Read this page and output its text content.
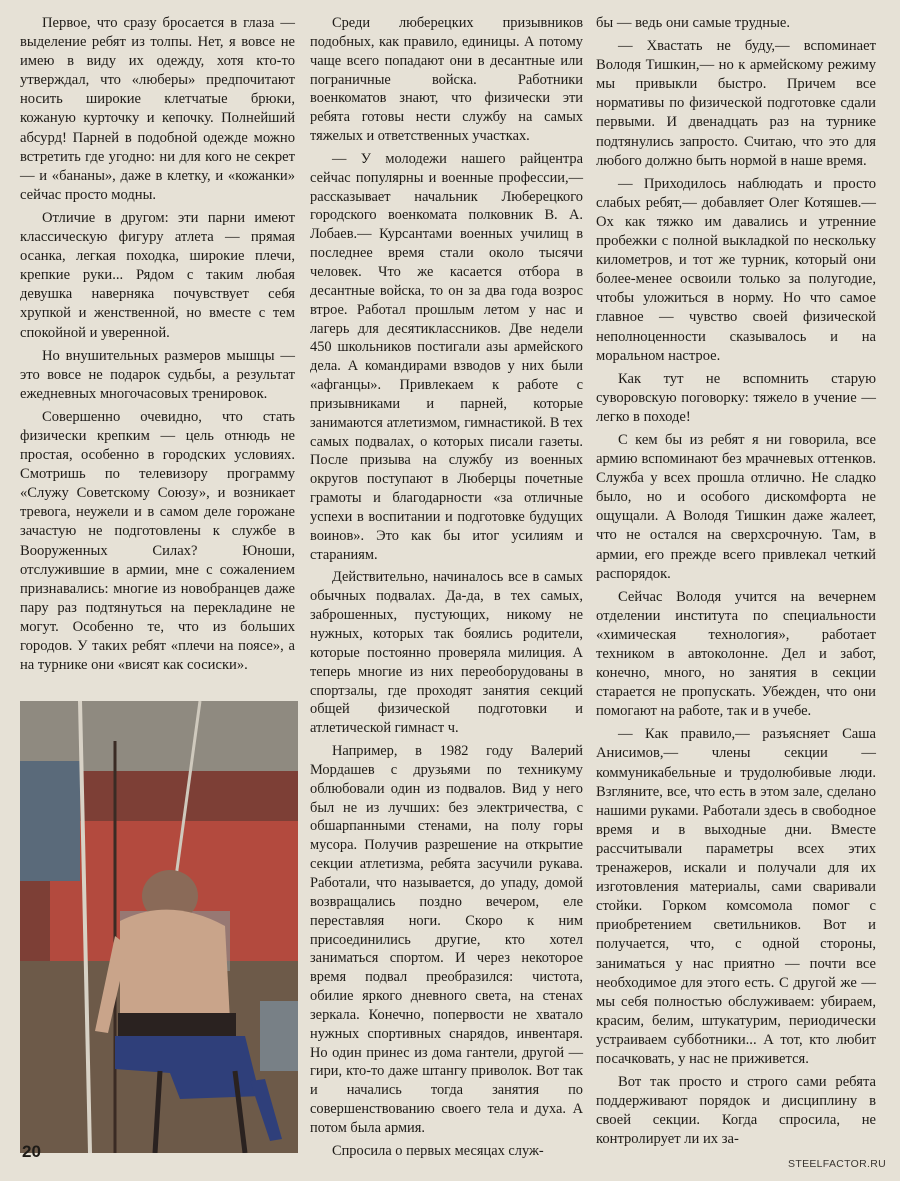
Первое, что сразу бросается в глаза — выделение ребят из толпы. Нет, я вовсе не имею в виду их одежду, хотя кто-то утверждал, что «люберы» предпочитают носить широкие клетчатые брюки, кожаную курточку и кепочку. Полнейший абсурд! Парней в подобной одежде можно встретить где угодно: ни для кого не секрет — и «бананы», даже в клетку, и «кожанки» сейчас просто модны.

Отличие в другом: эти парни имеют классическую фигуру атлета — прямая осанка, легкая походка, широкие плечи, крепкие руки... Рядом с таким любая девушка наверняка почувствует себя хрупкой и женственной, но вместе с тем спокойной и уверенной.

Но внушительных размеров мышцы — это вовсе не подарок судьбы, а результат ежедневных многочасовых тренировок.

Совершенно очевидно, что стать физически крепким — цель отнюдь не простая, особенно в городских условиях. Смотришь по телевизору программу «Служу Советскому Союзу», и возникает тревога, неужели и в самом деле горожане зачастую не подготовлены к службе в Вооруженных Силах? Юноши, отслужившие в армии, мне с сожалением признавались: многие из новобранцев даже пару раз подтянуться на перекладине не могут. Особенно те, что из больших городов. У таких ребят «плечи на поясе», а на турнике они «висят как сосиски».

Среди люберецких призывников подобных, как правило, единицы. А потому чаще всего попадают они в десантные или пограничные войска. Работники военкоматов знают, что физически эти ребята готовы нести службу на самых тяжелых и ответственных участках.

— У молодежи нашего райцентра сейчас популярны и военные профессии,— рассказывает начальник Люберецкого городского военкомата полковник В. А. Лобаев.— Курсантами военных училищ в последнее время стали около тысячи человек. Что же касается отбора в десантные войска, то он за два года возрос втрое. Работал прошлым летом у нас и лагерь для десятиклассников. Две недели 450 школьников постигали азы армейского дела. А командирами взводов у них были «афганцы». Привлекаем к работе с призывниками и парней, которые занимаются атлетизмом, гимнастикой. В тех самых подвалах, о которых писали газеты. После призыва на службу из военных округов поступают в Люберцы почетные грамоты и благодарности «за отличные успехи в воспитании и подготовке будущих воинов». Это как бы итог усилиям и стараниям.

Действительно, начиналось все в самых обычных подвалах. Да-да, в тех самых, заброшенных, пустующих, никому не нужных, которых так боялись родители, которые постоянно проверяла милиция. А теперь многие из них переоборудованы в спортзалы, где проходят занятия секций общей физической подготовки и атлетической гимнаст ч.

Например, в 1982 году Валерий Мордашев с друзьями по техникуму облюбовали один из подвалов. Вид у него был не из лучших: без электричества, с обшарпанными стенами, на полу горы мусора. Получив разрешение на открытие секции атлетизма, ребята засучили рукава. Работали, что называется, до упаду, домой возвращались поздно вечером, еле переставляя ноги. Скоро к ним присоединились другие, кто хотел заниматься спортом. И через некоторое время подвал преобразился: чистота, обилие яркого дневного света, на стенах зеркала. Конечно, попервости не хватало нужных спортивных снарядов, инвентаря. Но один принес из дома гантели, другой — гири, кто-то даже штангу приволок. Вот так и начались тогда занятия по совершенствованию своего тела и духа. А потом была армия.

Спросила о первых месяцах служ-

бы — ведь они самые трудные.

— Хвастать не буду,— вспоминает Володя Тишкин,— но к армейскому режиму мы привыкли быстро. Причем все нормативы по физической подготовке сдали первыми. И двенадцать раз на турнике подтянулись запросто. Считаю, что это для любого должно быть нормой в наше время.

— Приходилось наблюдать и просто слабых ребят,— добавляет Олег Котяшев.— Ох как тяжко им давались и утренние пробежки с полной выкладкой по нескольку километров, и тот же турник, который они более-менее освоили только за полугодие, чтобы уложиться в норму. Но что самое главное — чувство своей физической неполноценности сказывалось и на моральном настрое.

Как тут не вспомнить старую суворовскую поговорку: тяжело в учение — легко в походе!

С кем бы из ребят я ни говорила, все армию вспоминают без мрачневых оттенков. Служба у всех прошла отлично. Не сладко было, но и особого дискомфорта не ощущали. А Володя Тишкин даже жалеет, что не остался на сверхсрочную. Там, в армии, его прежде всего привлекал четкий распорядок.

Сейчас Володя учится на вечернем отделении института по специальности «химическая технология», работает техником в автоколонне. Дел и забот, конечно, много, но занятия в секции старается не пропускать. Убежден, что они помогают на работе, так и в учебе.

— Как правило,— разъясняет Саша Анисимов,— члены секции — коммуникабельные и трудолюбивые люди. Взгляните, все, что есть в этом зале, сделано нашими руками. Работали здесь в свободное время и в выходные дни. Вместе рассчитывали параметры всех этих тренажеров, искали и получали для их изготовления материалы, сами сваривали стойки. Горком комсомола помог с приобретением светильников. Вот и получается, что, с одной стороны, заниматься у нас приятно — почти все необходимое для этого есть. С другой же — мы себя полностью обслуживаем: убираем, красим, белим, штукатурим, периодически устраиваем субботники... А тот, кто любит посачковать, у нас не приживется.

Вот так просто и строго сами ребята поддерживают порядок и дисциплину в своей секции. Когда спросила, не контролирует ли их за-

20
STEELFACTOR.RU
